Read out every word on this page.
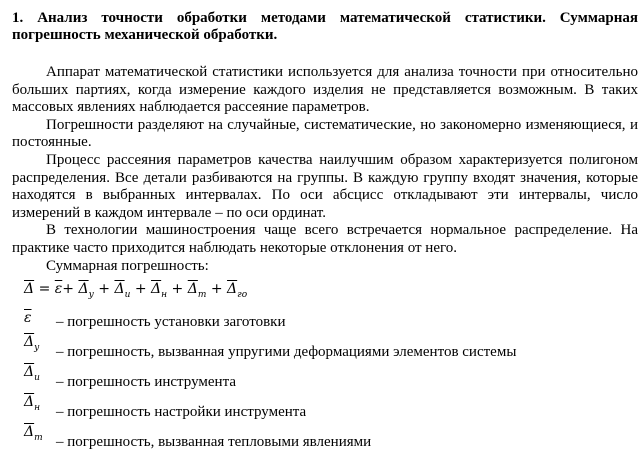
1. Анализ точности обработки методами математической статистики. Суммарная погрешность механической обработки.

Аппарат математической статистики используется для анализа точности при относительно больших партиях, когда измерение каждого изделия не представляется возможным. В таких массовых явлениях наблюдается рассеяние параметров.

Погрешности разделяют на случайные, систематические, но закономерно изменяющиеся, и постоянные.

Процесс рассеяния параметров качества наилучшим образом характеризуется полигоном распределения. Все детали разбиваются на группы. В каждую группу входят значения, которые находятся в выбранных интервалах. По оси абсцисс откладывают эти интервалы, число измерений в каждом интервале – по оси ординат.

В технологии машиностроения чаще всего встречается нормальное распределение. На практике часто приходится наблюдать некоторые отклонения от него.

Суммарная погрешность:

$\overline{\Delta} = \overline{\varepsilon}+ \overline{\Delta}_у + \overline{\Delta}_и + \overline{\Delta}_н + \overline{\Delta}_т + \overline{\Delta}_{го}$
$\overline{\varepsilon}$	– погрешность установки заготовки
$\overline{\Delta}_у$	– погрешность, вызванная упругими деформациями элементов системы
$\overline{\Delta}_и$	– погрешность инструмента
$\overline{\Delta}_н$	– погрешность настройки инструмента
$\overline{\Delta}_т$ – погрешность, вызванная тепловыми явлениями
